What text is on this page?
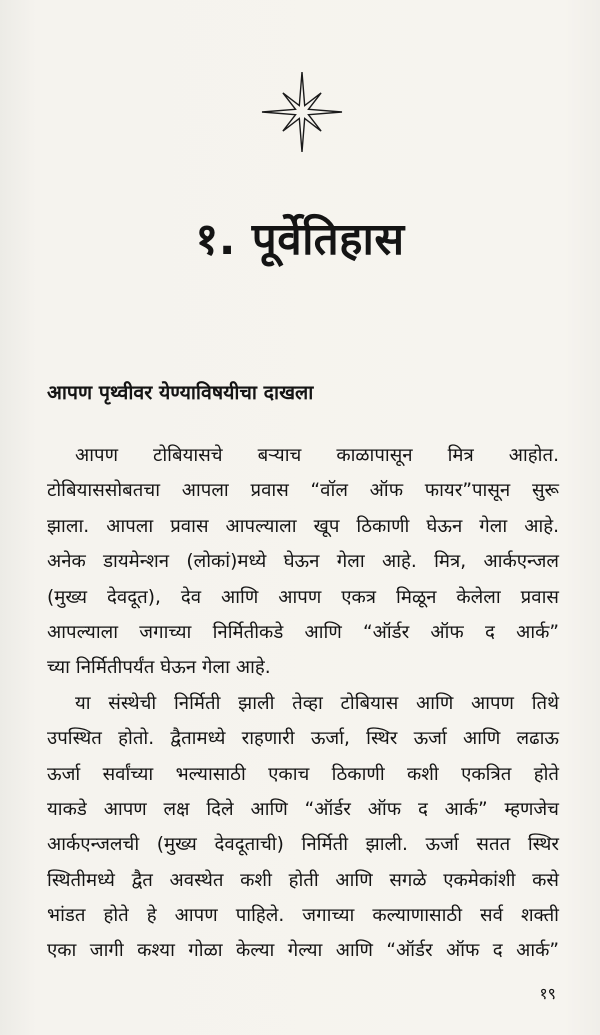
१. पूर्वेतिहास
आपण पृथ्वीवर येण्याविषयीचा दाखला

आपण टोबियासचे बऱ्याच काळापासून मित्र आहोत.
टोबियाससोबतचा आपला प्रवास “वॉल ऑफ फायर”पासून सुरू
झाला. आपला प्रवास आपल्याला खूप ठिकाणी घेऊन गेला आहे.
अनेक डायमेन्शन (लोकां)मध्ये घेऊन गेला आहे. मित्र, आर्कएन्जल
(मुख्य देवदूत), देव आणि आपण एकत्र मिळून केलेला प्रवास
आपल्याला जगाच्या निर्मितीकडे आणि “ऑर्डर ऑफ द आर्क”
च्या निर्मितीपर्यंत घेऊन गेला आहे.

या संस्थेची निर्मिती झाली तेव्हा टोबियास आणि आपण तिथे
उपस्थित होतो. द्वैतामध्ये राहणारी ऊर्जा, स्थिर ऊर्जा आणि लढाऊ
ऊर्जा सर्वांच्या भल्यासाठी एकाच ठिकाणी कशी एकत्रित होते
याकडे आपण लक्ष दिले आणि “ऑर्डर ऑफ द आर्क” म्हणजेच
आर्कएन्जलची (मुख्य देवदूताची) निर्मिती झाली. ऊर्जा सतत स्थिर
स्थितीमध्ये द्वैत अवस्थेत कशी होती आणि सगळे एकमेकांशी कसे
भांडत होते हे आपण पाहिले. जगाच्या कल्याणासाठी सर्व शक्ती
एका जागी कश्या गोळा केल्या गेल्या आणि “ऑर्डर ऑफ द आर्क”

१९
